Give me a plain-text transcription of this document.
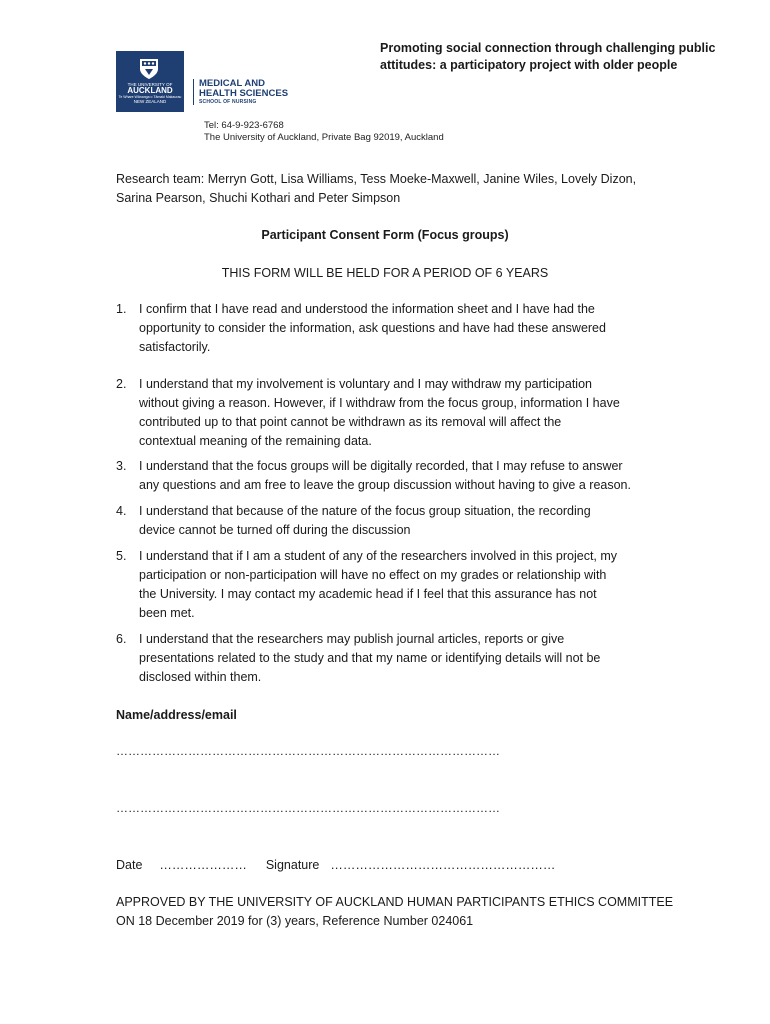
THE UNIVERSITY OF
AUCKLAND
Te Whare Wānanga o Tāmaki Makaurau
NEW ZEALAND
MEDICAL AND
HEALTH SCIENCES
SCHOOL OF NURSING
Promoting social connection through challenging public
attitudes: a participatory project with older people
Tel: 64-9-923-6768
The University of Auckland, Private Bag 92019, Auckland
Research team: Merryn Gott, Lisa Williams, Tess Moeke-Maxwell, Janine Wiles, Lovely Dizon,
Sarina Pearson, Shuchi Kothari and Peter Simpson
Participant Consent Form (Focus groups)
THIS FORM WILL BE HELD FOR A PERIOD OF 6 YEARS
1. I confirm that I have read and understood the information sheet and I have had the
opportunity to consider the information, ask questions and have had these answered
satisfactorily.
2. I understand that my involvement is voluntary and I may withdraw my participation
without giving a reason. However, if I withdraw from the focus group, information I have
contributed up to that point cannot be withdrawn as its removal will affect the
contextual meaning of the remaining data.
3. I understand that the focus groups will be digitally recorded, that I may refuse to answer
any questions and am free to leave the group discussion without having to give a reason.
4. I understand that because of the nature of the focus group situation, the recording
device cannot be turned off during the discussion
5. I understand that if I am a student of any of the researchers involved in this project, my
participation or non-participation will have no effect on my grades or relationship with
the University. I may contact my academic head if I feel that this assurance has not
been met.
6. I understand that the researchers may publish journal articles, reports or give
presentations related to the study and that my name or identifying details will not be
disclosed within them.
Name/address/email
……………………………………………………………………………………
……………………………………………………………………………………
Date ………………… Signature ………………………………………………
APPROVED BY THE UNIVERSITY OF AUCKLAND HUMAN PARTICIPANTS ETHICS COMMITTEE
ON 18 December 2019 for (3) years, Reference Number 024061
